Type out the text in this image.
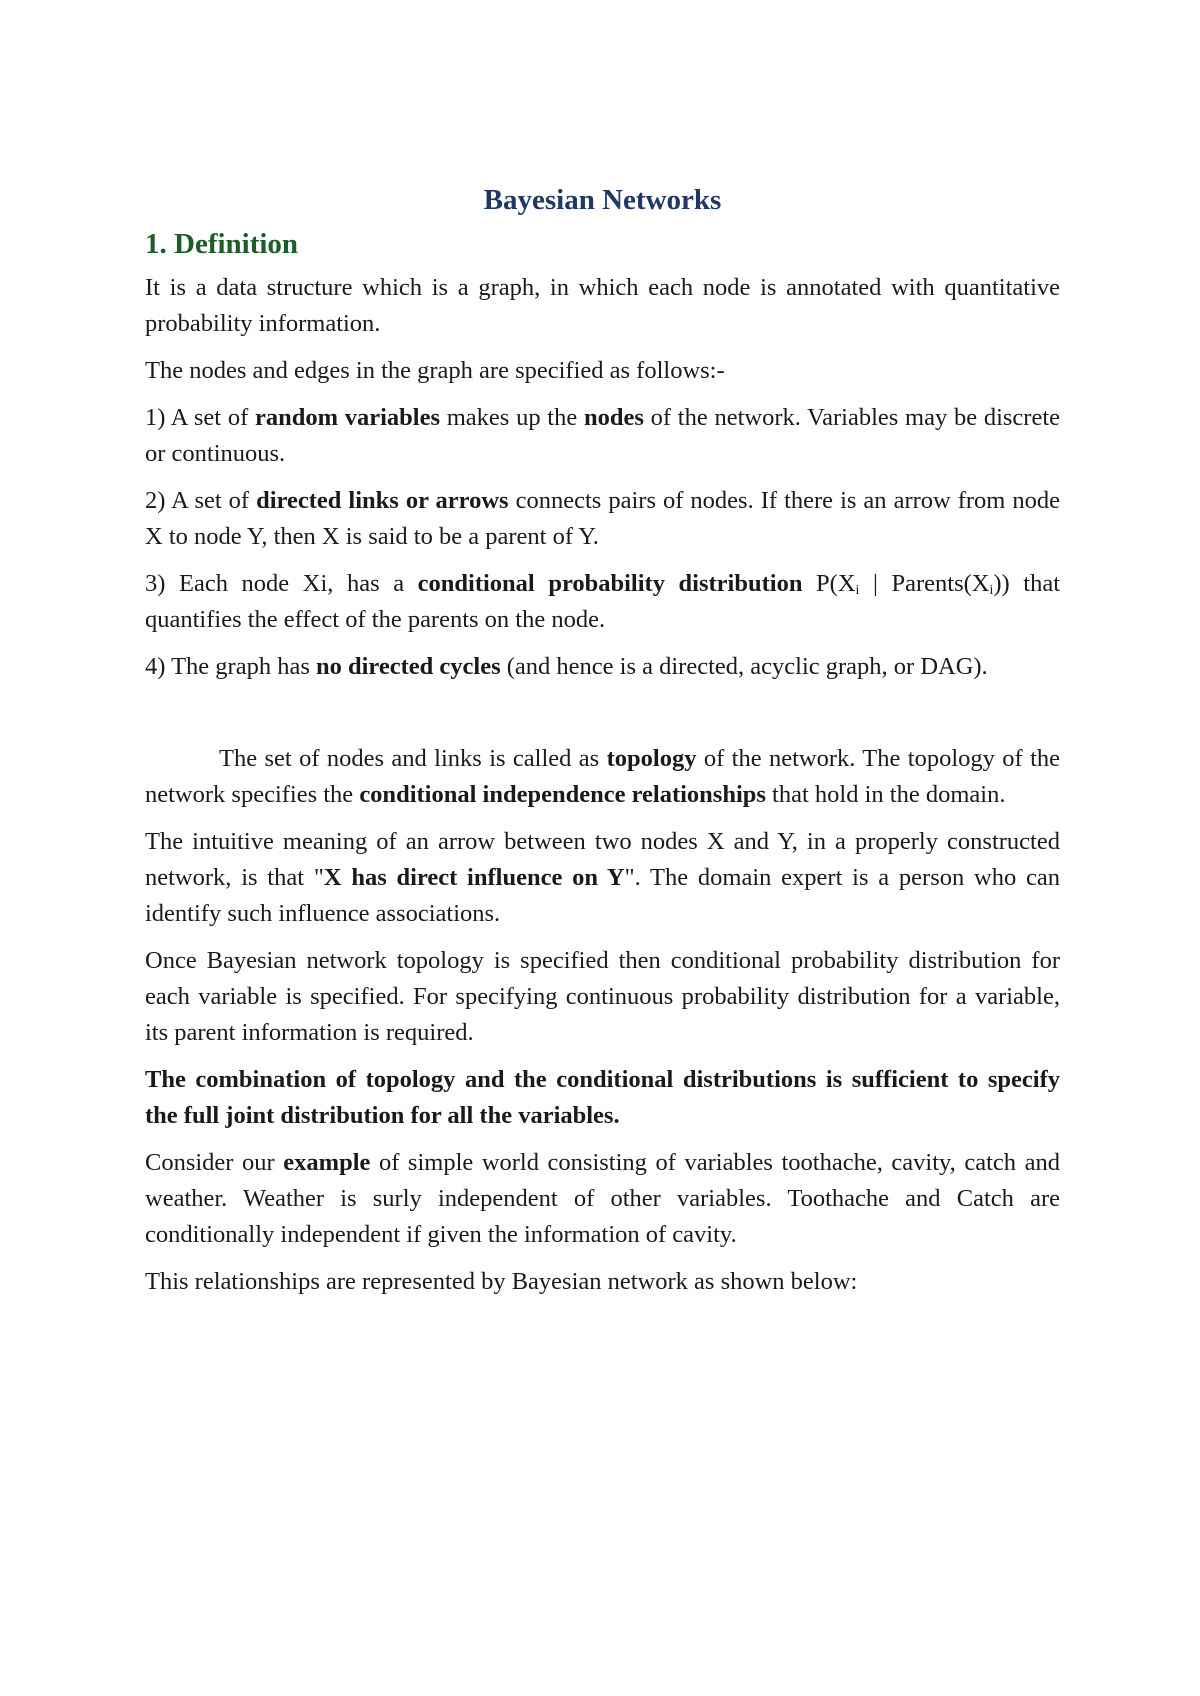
Bayesian Networks
1. Definition

It is a data structure which is a graph, in which each node is annotated with quantitative probability information.

The nodes and edges in the graph are specified as follows:-

1) A set of random variables makes up the nodes of the network. Variables may be discrete or continuous.

2) A set of directed links or arrows connects pairs of nodes. If there is an arrow from node X to node Y, then X is said to be a parent of Y.

3) Each node Xi, has a conditional probability distribution $P(X_i$ | $Parents(X_i)$) that quantifies the effect of the parents on the node.

4) The graph has no directed cycles (and hence is a directed, acyclic graph, or DAG).

The set of nodes and links is called as topology of the network. The topology of the network specifies the conditional independence relationships that hold in the domain.

The intuitive meaning of an arrow between two nodes X and Y, in a properly constructed network, is that "X has direct influence on Y". The domain expert is a person who can identify such influence associations.

Once Bayesian network topology is specified then conditional probability distribution for each variable is specified. For specifying continuous probability distribution for a variable, its parent information is required.

The combination of topology and the conditional distributions is sufficient to specify the full joint distribution for all the variables.

Consider our example of simple world consisting of variables toothache, cavity, catch and weather. Weather is surly independent of other variables. Toothache and Catch are conditionally independent if given the information of cavity.

This relationships are represented by Bayesian network as shown below:
